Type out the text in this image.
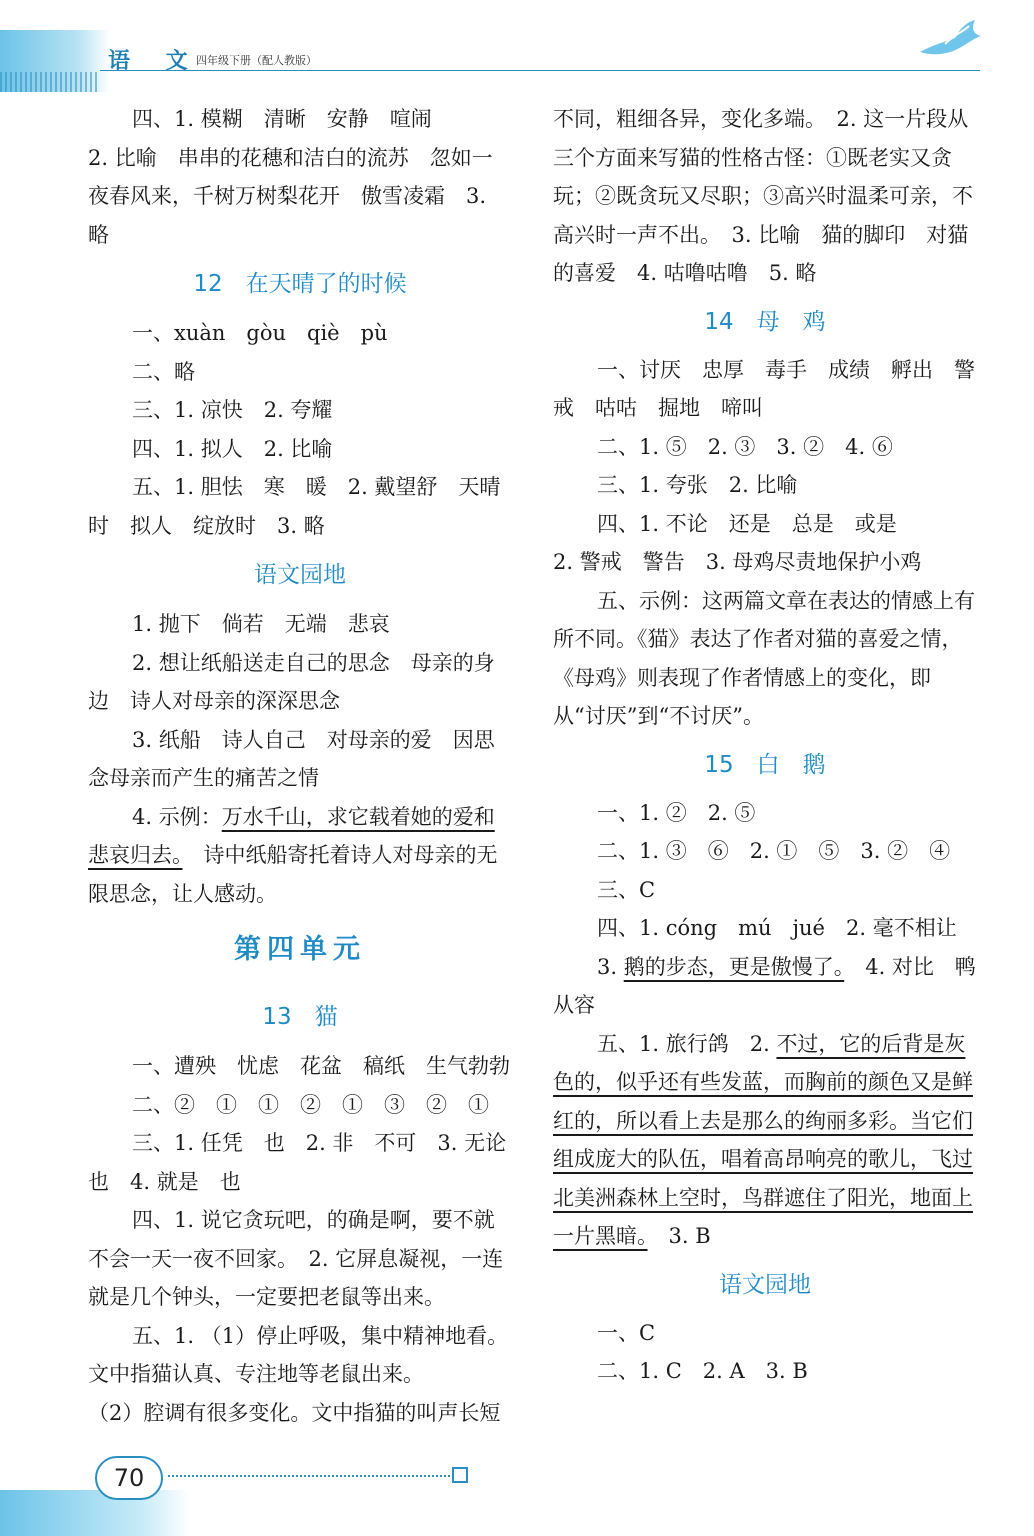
语 文
四年级下册（配人教版）

四、1. 模糊　清晰　安静　喧闹

2. 比喻　串串的花穗和洁白的流苏　忽如一夜春风来，千树万树梨花开　傲雪凌霜　3. 略

12　在天晴了的时候

一、xuàn　gòu　qiè　pù

二、略

三、1. 凉快　2. 夸耀

四、1. 拟人　2. 比喻

五、1. 胆怯　寒　暖　2. 戴望舒　天晴时　拟人　绽放时　3. 略

语文园地

1. 抛下　倘若　无端　悲哀

2. 想让纸船送走自己的思念　母亲的身边　诗人对母亲的深深思念

3. 纸船　诗人自己　对母亲的爱　因思念母亲而产生的痛苦之情

4. 示例：万水千山，求它载着她的爱和悲哀归去。　诗中纸船寄托着诗人对母亲的无限思念，让人感动。

第四单元

13　猫

一、遭殃　忧虑　花盆　稿纸　生气勃勃

二、②　①　①　②　①　③　②　①

三、1. 任凭　也　2. 非　不可　3. 无论　也　4. 就是　也

四、1. 说它贪玩吧，的确是啊，要不就不会一天一夜不回家。　2. 它屏息凝视，一连就是几个钟头，一定要把老鼠等出来。

五、1. （1）停止呼吸，集中精神地看。文中指猫认真、专注地等老鼠出来。

（2）腔调有很多变化。文中指猫的叫声长短

不同，粗细各异，变化多端。　2. 这一片段从三个方面来写猫的性格古怪：①既老实又贪玩；②既贪玩又尽职；③高兴时温柔可亲，不高兴时一声不出。　3. 比喻　猫的脚印　对猫的喜爱　4. 咕噜咕噜　5. 略

14　母　鸡

一、讨厌　忠厚　毒手　成绩　孵出　警戒　咕咕　掘地　啼叫

二、1. ⑤　2. ③　3. ②　4. ⑥

三、1. 夸张　2. 比喻

四、1. 不论　还是　总是　或是

2. 警戒　警告　3. 母鸡尽责地保护小鸡

五、示例：这两篇文章在表达的情感上有所不同。《猫》表达了作者对猫的喜爱之情，《母鸡》则表现了作者情感上的变化，即从“讨厌”到“不讨厌”。

15　白　鹅

一、1. ②　2. ⑤

二、1. ③　⑥　2. ①　⑤　3. ②　④

三、C

四、1. cóng　mú　jué　2. 毫不相让

3. 鹅的步态，更是傲慢了。　4. 对比　鸭　从容

五、1. 旅行鸽　2. 不过，它的后背是灰色的，似乎还有些发蓝，而胸前的颜色又是鲜红的，所以看上去是那么的绚丽多彩。当它们组成庞大的队伍，唱着高昂响亮的歌儿，飞过北美洲森林上空时，鸟群遮住了阳光，地面上一片黑暗。　3. B

语文园地

一、C

二、1. C　2. A　3. B

70
